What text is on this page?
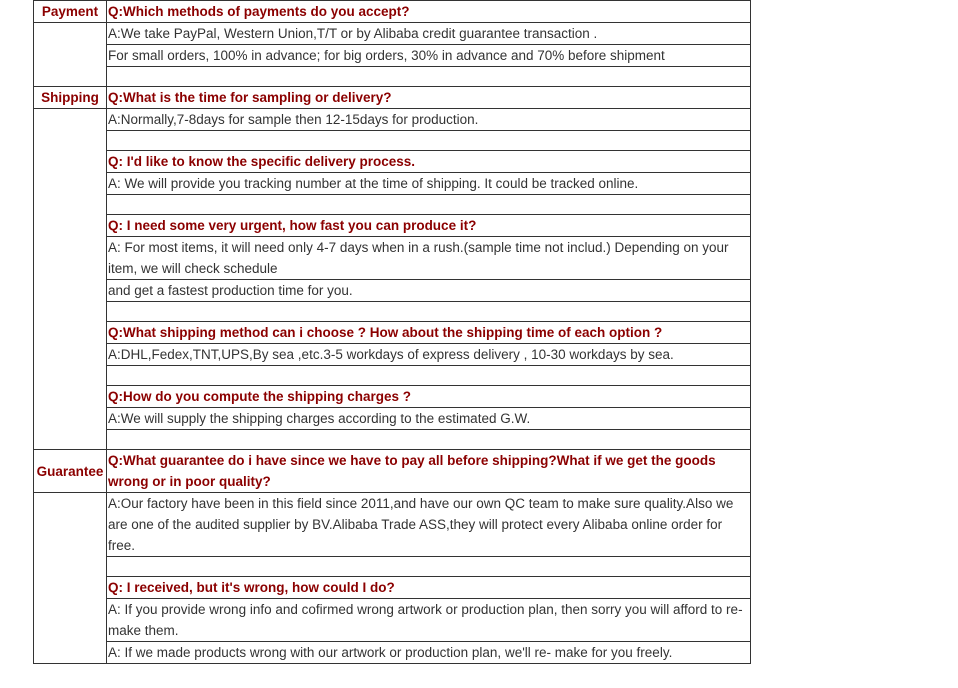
Payment	Q:Which methods of payments do you accept?
	A:We take PayPal, Western Union,T/T or by Alibaba credit guarantee transaction .
	For small orders, 100% in advance; for big orders, 30% in advance and 70% before shipment

Shipping	Q:What is the time for sampling or delivery?
	A:Normally,7-8days for sample then 12-15days for production.

	Q: I'd like to know the specific delivery process.
	A: We will provide you tracking number at the time of shipping. It could be tracked online.

	Q: I need some very urgent, how fast you can produce it?
	A: For most items, it will need only 4-7 days when in a rush.(sample time not includ.) Depending on your item, we will check schedule
	and get a fastest production time for you.

	Q:What shipping method can i choose ? How about the shipping time of each option ?
	A:DHL,Fedex,TNT,UPS,By sea ,etc.3-5 workdays of express delivery , 10-30 workdays by sea.

	Q:How do you compute the shipping charges ?
	A:We will supply the shipping charges according to the estimated G.W.

Guarantee	Q:What guarantee do i have since we have to pay all before shipping?What if we get the goods wrong or in poor quality?
	A:Our factory have been in this field since 2011,and have our own QC team to make sure quality.Also we are one of the audited supplier by BV.Alibaba Trade ASS,they will protect every Alibaba online order for free.

	Q: I received, but it's wrong, how could I do?
	A: If you provide wrong info and cofirmed wrong artwork or production plan, then sorry you will afford to re-make them.
	A: If we made products wrong with our artwork or production plan, we'll re- make for you freely.
